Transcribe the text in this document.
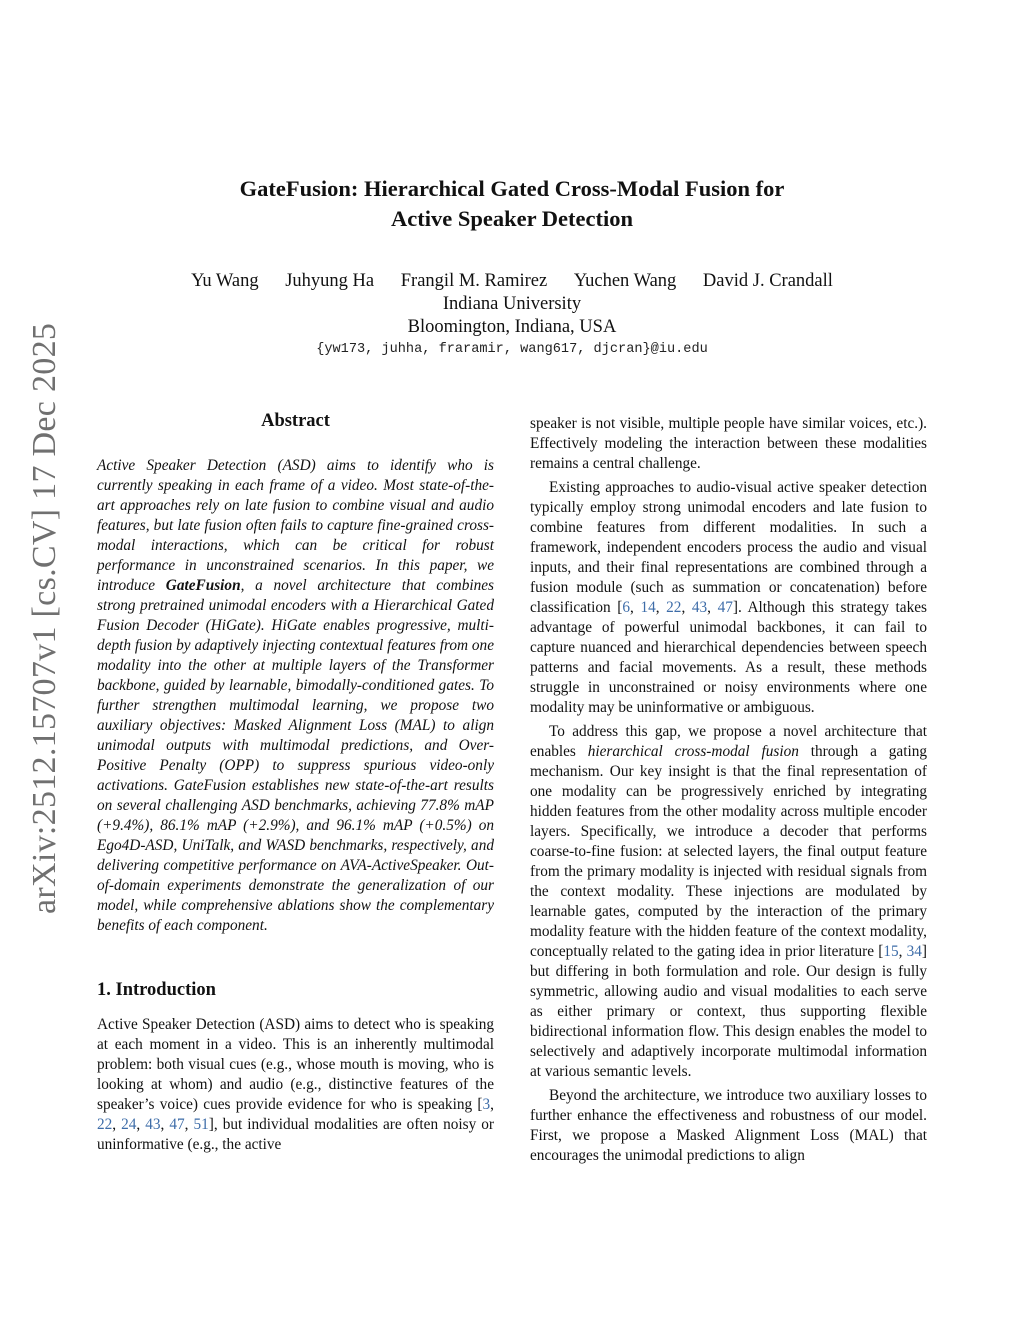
arXiv:2512.15707v1 [cs.CV] 17 Dec 2025
GateFusion: Hierarchical Gated Cross-Modal Fusion for
Active Speaker Detection
Yu Wang Juhyung Ha Frangil M. Ramirez Yuchen Wang David J. Crandall
Indiana University
Bloomington, Indiana, USA
{yw173, juhha, fraramir, wang617, djcran}@iu.edu
Abstract

Active Speaker Detection (ASD) aims to identify who is currently speaking in each frame of a video. Most state-of-the-art approaches rely on late fusion to combine visual and audio features, but late fusion often fails to capture fine-grained cross-modal interactions, which can be critical for robust performance in unconstrained scenarios. In this paper, we introduce GateFusion, a novel architecture that combines strong pretrained unimodal encoders with a Hierarchical Gated Fusion Decoder (HiGate). HiGate enables progressive, multi-depth fusion by adaptively injecting contextual features from one modality into the other at multiple layers of the Transformer backbone, guided by learnable, bimodally-conditioned gates. To further strengthen multimodal learning, we propose two auxiliary objectives: Masked Alignment Loss (MAL) to align unimodal outputs with multimodal predictions, and Over-Positive Penalty (OPP) to suppress spurious video-only activations. GateFusion establishes new state-of-the-art results on several challenging ASD benchmarks, achieving 77.8% mAP (+9.4%), 86.1% mAP (+2.9%), and 96.1% mAP (+0.5%) on Ego4D-ASD, UniTalk, and WASD benchmarks, respectively, and delivering competitive performance on AVA-ActiveSpeaker. Out-of-domain experiments demonstrate the generalization of our model, while comprehensive ablations show the complementary benefits of each component.

1. Introduction

Active Speaker Detection (ASD) aims to detect who is speaking at each moment in a video. This is an inherently multimodal problem: both visual cues (e.g., whose mouth is moving, who is looking at whom) and audio (e.g., distinctive features of the speaker’s voice) cues provide evidence for who is speaking [3, 22, 24, 43, 47, 51], but individual modalities are often noisy or uninformative (e.g., the active

speaker is not visible, multiple people have similar voices, etc.). Effectively modeling the interaction between these modalities remains a central challenge.

Existing approaches to audio-visual active speaker detection typically employ strong unimodal encoders and late fusion to combine features from different modalities. In such a framework, independent encoders process the audio and visual inputs, and their final representations are combined through a fusion module (such as summation or concatenation) before classification [6, 14, 22, 43, 47]. Although this strategy takes advantage of powerful unimodal backbones, it can fail to capture nuanced and hierarchical dependencies between speech patterns and facial movements. As a result, these methods struggle in unconstrained or noisy environments where one modality may be uninformative or ambiguous.

To address this gap, we propose a novel architecture that enables hierarchical cross-modal fusion through a gating mechanism. Our key insight is that the final representation of one modality can be progressively enriched by integrating hidden features from the other modality across multiple encoder layers. Specifically, we introduce a decoder that performs coarse-to-fine fusion: at selected layers, the final output feature from the primary modality is injected with residual signals from the context modality. These injections are modulated by learnable gates, computed by the interaction of the primary modality feature with the hidden feature of the context modality, conceptually related to the gating idea in prior literature [15, 34] but differing in both formulation and role. Our design is fully symmetric, allowing audio and visual modalities to each serve as either primary or context, thus supporting flexible bidirectional information flow. This design enables the model to selectively and adaptively incorporate multimodal information at various semantic levels.

Beyond the architecture, we introduce two auxiliary losses to further enhance the effectiveness and robustness of our model. First, we propose a Masked Alignment Loss (MAL) that encourages the unimodal predictions to align
